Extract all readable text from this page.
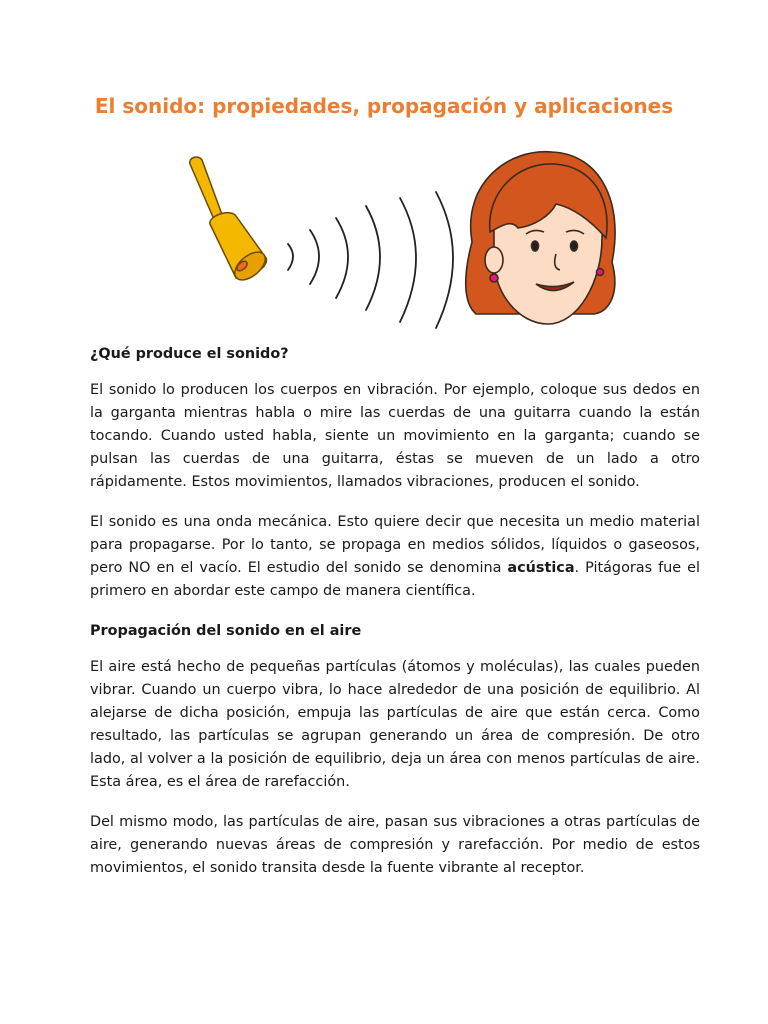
El sonido: propiedades, propagación y aplicaciones
¿Qué produce el sonido?

El sonido lo producen los cuerpos en vibración. Por ejemplo, coloque sus dedos en la garganta mientras habla o mire las cuerdas de una guitarra cuando la están tocando. Cuando usted habla, siente un movimiento en la garganta; cuando se pulsan las cuerdas de una guitarra, éstas se mueven de un lado a otro rápidamente. Estos movimientos, llamados vibraciones, producen el sonido.

El sonido es una onda mecánica. Esto quiere decir que necesita un medio material para propagarse. Por lo tanto, se propaga en medios sólidos, líquidos o gaseosos, pero NO en el vacío. El estudio del sonido se denomina acústica. Pitágoras fue el primero en abordar este campo de manera científica.

Propagación del sonido en el aire

El aire está hecho de pequeñas partículas (átomos y moléculas), las cuales pueden vibrar. Cuando un cuerpo vibra, lo hace alrededor de una posición de equilibrio. Al alejarse de dicha posición, empuja las partículas de aire que están cerca. Como resultado, las partículas se agrupan generando un área de compresión. De otro lado, al volver a la posición de equilibrio, deja un área con menos partículas de aire. Esta área, es el área de rarefacción.

Del mismo modo, las partículas de aire, pasan sus vibraciones a otras partículas de aire, generando nuevas áreas de compresión y rarefacción. Por medio de estos movimientos, el sonido transita desde la fuente vibrante al receptor.
